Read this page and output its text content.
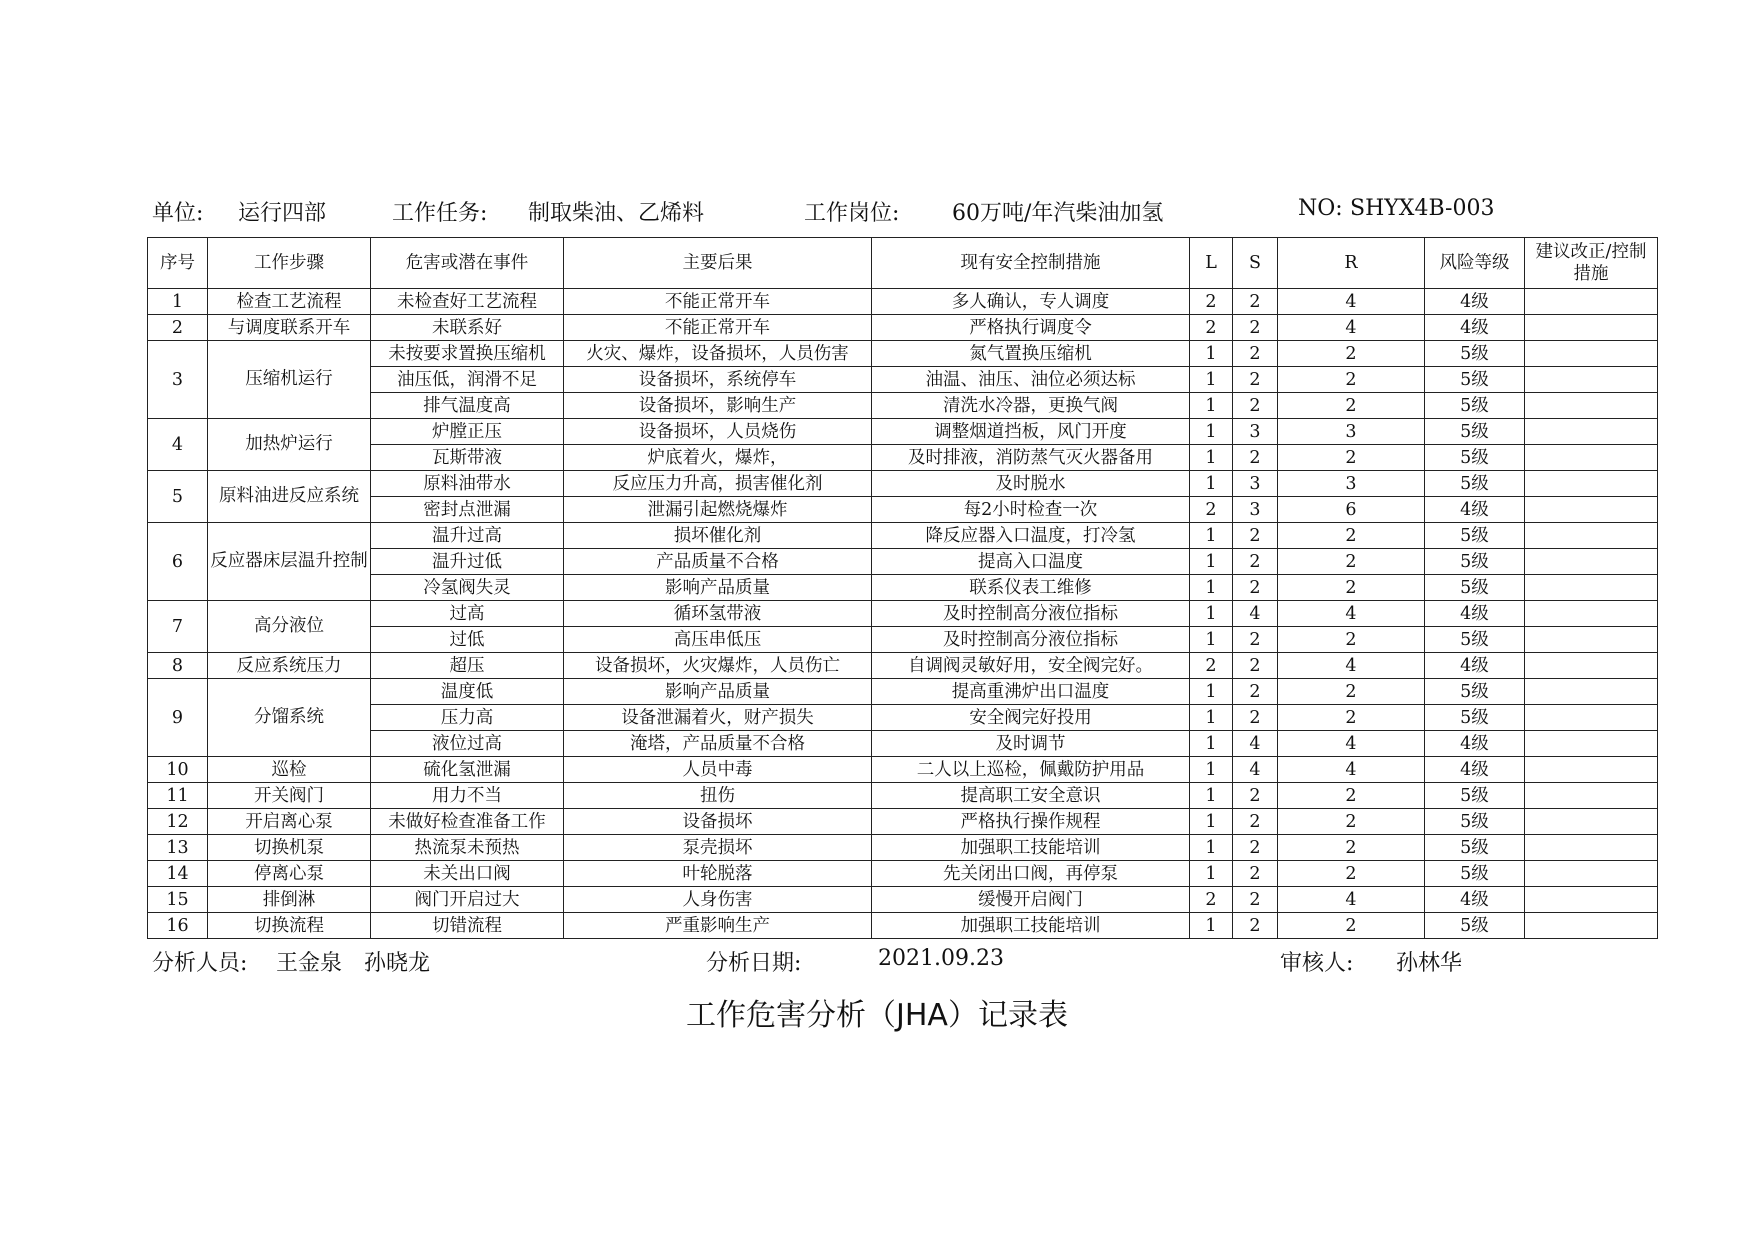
单位: 运行四部	工作任务: 制取柴油、乙烯料	工作岗位: 60万吨/年汽柴油加氢	NO: SHYX4B-003
序号	工作步骤	危害或潜在事件	主要后果	现有安全控制措施	L	S	R	风险等级	建议改正/控制措施
1	检查工艺流程	未检查好工艺流程	不能正常开车	多人确认，专人调度	2	2	4	4级	
2	与调度联系开车	未联系好	不能正常开车	严格执行调度令	2	2	4	4级	
3	压缩机运行	未按要求置换压缩机	火灾、爆炸，设备损坏，人员伤害	氮气置换压缩机	1	2	2	5级	
		油压低，润滑不足	设备损坏，系统停车	油温、油压、油位必须达标	1	2	2	5级	
		排气温度高	设备损坏，影响生产	清洗水冷器，更换气阀	1	2	2	5级	
4	加热炉运行	炉膛正压	设备损坏，人员烧伤	调整烟道挡板，风门开度	1	3	3	5级	
		瓦斯带液	炉底着火，爆炸，	及时排液，消防蒸气灭火器备用	1	2	2	5级	
5	原料油进反应系统	原料油带水	反应压力升高，损害催化剂	及时脱水	1	3	3	5级	
		密封点泄漏	泄漏引起燃烧爆炸	每2小时检查一次	2	3	6	4级	
6	反应器床层温升控制	温升过高	损坏催化剂	降反应器入口温度，打冷氢	1	2	2	5级	
		温升过低	产品质量不合格	提高入口温度	1	2	2	5级	
		冷氢阀失灵	影响产品质量	联系仪表工维修	1	2	2	5级	
7	高分液位	过高	循环氢带液	及时控制高分液位指标	1	4	4	4级	
		过低	高压串低压	及时控制高分液位指标	1	2	2	5级	
8	反应系统压力	超压	设备损坏，火灾爆炸，人员伤亡	自调阀灵敏好用，安全阀完好。	2	2	4	4级	
9	分馏系统	温度低	影响产品质量	提高重沸炉出口温度	1	2	2	5级	
		压力高	设备泄漏着火，财产损失	安全阀完好投用	1	2	2	5级	
		液位过高	淹塔，产品质量不合格	及时调节	1	4	4	4级	
10	巡检	硫化氢泄漏	人员中毒	二人以上巡检，佩戴防护用品	1	4	4	4级	
11	开关阀门	用力不当	扭伤	提高职工安全意识	1	2	2	5级	
12	开启离心泵	未做好检查准备工作	设备损坏	严格执行操作规程	1	2	2	5级	
13	切换机泵	热流泵未预热	泵壳损坏	加强职工技能培训	1	2	2	5级	
14	停离心泵	未关出口阀	叶轮脱落	先关闭出口阀，再停泵	1	2	2	5级	
15	排倒淋	阀门开启过大	人身伤害	缓慢开启阀门	2	2	4	4级	
16	切换流程	切错流程	严重影响生产	加强职工技能培训	1	2	2	5级	
分析人员: 王金泉　孙晓龙	分析日期:	2021.09.23	审核人: 孙林华
工作危害分析（JHA）记录表
